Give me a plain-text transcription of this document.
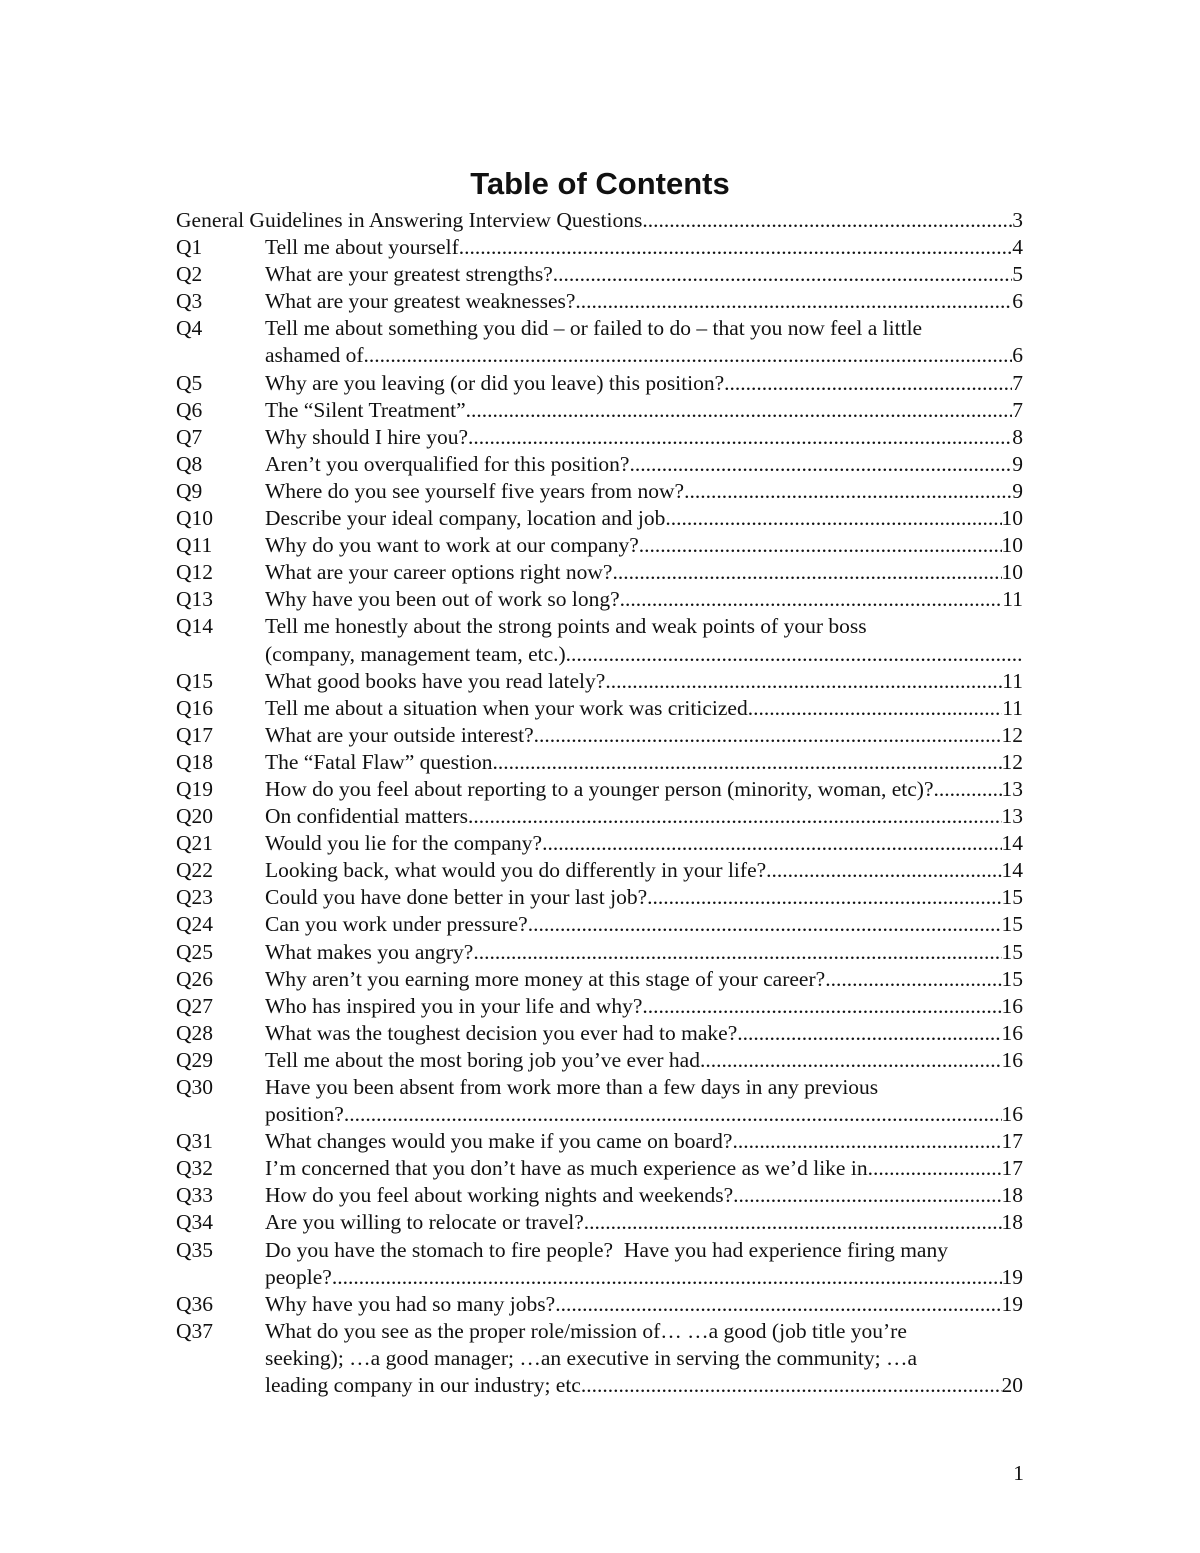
Table of Contents
General Guidelines in Answering Interview Questions .....	3
Q1	Tell me about yourself .....	4
Q2	What are your greatest strengths? .....	5
Q3	What are your greatest weaknesses? .....	6
Q4	Tell me about something you did – or failed to do – that you now feel a little
ashamed of .....	6
Q5	Why are you leaving (or did you leave) this position? .....	7
Q6	The “Silent Treatment” .....	7
Q7	Why should I hire you? .....	8
Q8	Aren’t you overqualified for this position? .....	9
Q9	Where do you see yourself five years from now? .....	9
Q10	Describe your ideal company, location and job. .....	10
Q11	Why do you want to work at our company? .....	10
Q12	What are your career options right now? .....	10
Q13	Why have you been out of work so long? .....	11
Q14	Tell me honestly about the strong points and weak points of your boss
(company, management team, etc.)
.....
Q15	What good books have you read lately? .....	11
Q16	Tell me about a situation when your work was criticized .....	11
Q17	What are your outside interest? .....	12
Q18	The “Fatal Flaw” question .....	12
Q19	How do you feel about reporting to a younger person (minority, woman, etc)? .....	13
Q20	On confidential matters .....	13
Q21	Would you lie for the company? .....	14
Q22	Looking back, what would you do differently in your life? .....	14
Q23	Could you have done better in your last job? .....	15
Q24	Can you work under pressure? .....	15
Q25	What makes you angry? .....	15
Q26	Why aren’t you earning more money at this stage of your career? .....	15
Q27	Who has inspired you in your life and why? .....	16
Q28	What was the toughest decision you ever had to make? .....	16
Q29	Tell me about the most boring job you’ve ever had .....	16
Q30	Have you been absent from work more than a few days in any previous
position? .....	16
Q31	What changes would you make if you came on board? .....	17
Q32	I’m concerned that you don’t have as much experience as we’d like in .....	17
Q33	How do you feel about working nights and weekends? .....	18
Q34	Are you willing to relocate or travel? .....	18
Q35	Do you have the stomach to fire people?  Have you had experience firing many
people? .....	19
Q36	Why have you had so many jobs? .....	19
Q37	What do you see as the proper role/mission of… …a good (job title you’re
seeking); …a good manager; …an executive in serving the community; …a
leading company in our industry; etc. .....	20
1
